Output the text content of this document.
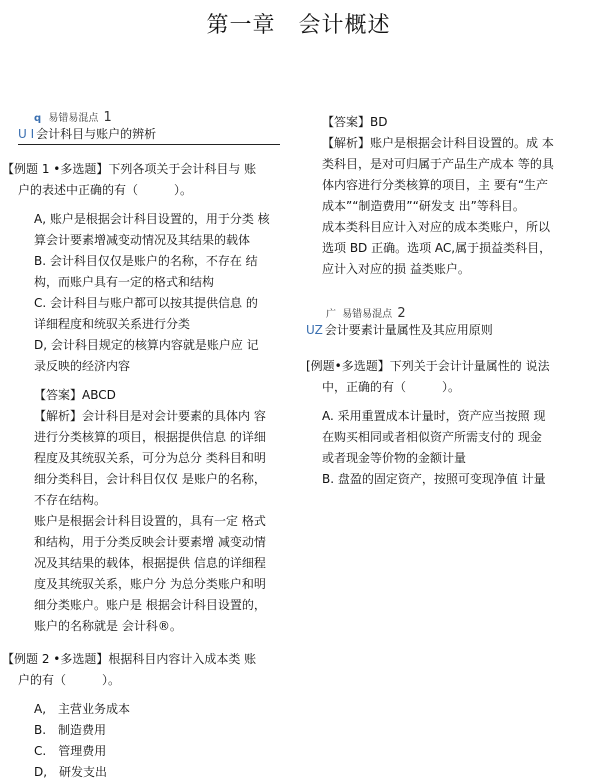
第一章　会计概述
q 易错易混点 1
U I 会计科目与账户的辨析

【例题 1 •多选题】下列各项关于会计科目与 账

户的表述中正确的有（　　　）。

A, 账户是根据会计科目设置的，用于分类 核

算会计要素增减变动情况及其结果的载体

B. 会计科目仅仅是账户的名称，不存在 结

构，而账户具有一定的格式和结构

C. 会计科目与账户都可以按其提供信息 的

详细程度和统驭关系进行分类

D, 会计科目规定的核算内容就是账户应 记

录反映的经济内容

【答案】ABCD

【解析】会计科目是对会计要素的具体内 容

进行分类核算的项目，根据提供信息 的详细

程度及其统驭关系，可分为总分 类科目和明

细分类科目，会计科目仅仅 是账户的名称，

不存在结构。

账户是根据会计科目设置的，具有一定 格式

和结构，用于分类反映会计要素增 减变动情

况及其结果的载体，根据提供 信息的详细程

度及其统驭关系，账户分 为总分类账户和明

细分类账户。账户是 根据会计科目设置的，

账户的名称就是 会计科®。

【例题 2 •多选题】根据科目内容计入成本类 账

户的有（　　　）。

A,　主营业务成本

B.　制造费用

C.　管理费用

D,　研发支出

【答案】BD

【解析】账户是根据会计科目设置的。成 本

类科目，是对可归属于产品生产成本 等的具

体内容进行分类核算的项目，主 要有“生产

成本”“制造费用”“研发支 出”等科目。

成本类科目应计入对应的成本类账户，所以

选项 BD 正确。选项 AC,属于损益类科目，

应计入对应的损 益类账户。

广 易错易混点 2
UZ 会计要素计量属性及其应用原则

[例题•多选题】下列关于会计计量属性的 说法

中，正确的有（　　　）。

A. 采用重置成本计量时，资产应当按照 现

在购买相同或者相似资产所需支付的 现金

或者现金等价物的金额计量

B. 盘盈的固定资产，按照可变现净值 计量
